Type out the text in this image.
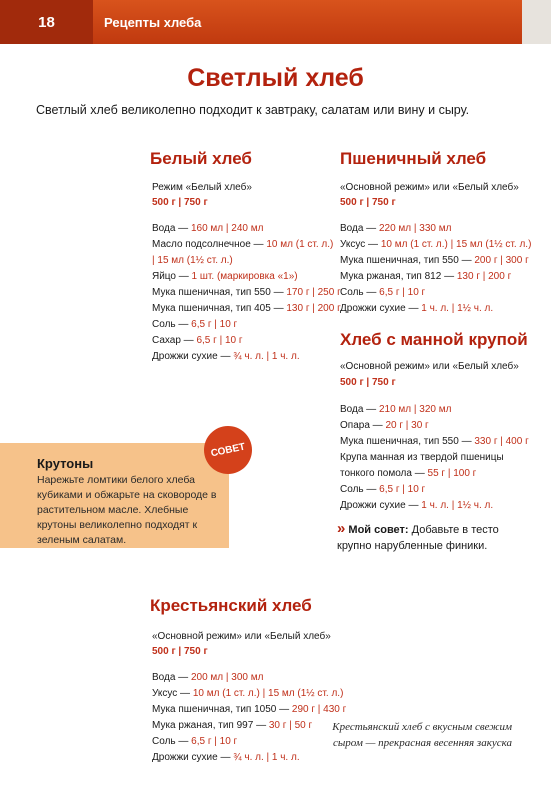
18	Рецепты хлеба
Светлый хлеб
Светлый хлеб великолепно подходит к завтраку, салатам или вину и сыру.
Белый хлеб
Режим «Белый хлеб»
500 г | 750 г
Вода — 160 мл | 240 мл
Масло подсолнечное — 10 мл (1 ст. л.)
| 15 мл (1½ ст. л.)
Яйцо — 1 шт. (маркировка «1»)
Мука пшеничная, тип 550 — 170 г | 250 г
Мука пшеничная, тип 405 — 130 г | 200 г
Соль — 6,5 г | 10 г
Сахар — 6,5 г | 10 г
Дрожжи сухие — ¾ ч. л. | 1 ч. л.
Пшеничный хлеб
«Основной режим» или «Белый хлеб»
500 г | 750 г
Вода — 220 мл | 330 мл
Уксус — 10 мл (1 ст. л.) | 15 мл (1½ ст. л.)
Мука пшеничная, тип 550 — 200 г | 300 г
Мука ржаная, тип 812 — 130 г | 200 г
Соль — 6,5 г | 10 г
Дрожжи сухие — 1 ч. л. | 1½ ч. л.
Хлеб с манной крупой
«Основной режим» или «Белый хлеб»
500 г | 750 г
Вода — 210 мл | 320 мл
Опара — 20 г | 30 г
Мука пшеничная, тип 550 — 330 г | 400 г
Крупа манная из твердой пшеницы
тонкого помола — 55 г | 100 г
Соль — 6,5 г | 10 г
Дрожжи сухие — 1 ч. л. | 1½ ч. л.
СОВЕТ
Крутоны
Нарежьте ломтики белого хлеба кубиками и обжарьте на сковороде в растительном масле. Хлебные крутоны великолепно подходят к зеленым салатам.
» Мой совет: Добавьте в тесто
крупно нарубленные финики.
Крестьянский хлеб
«Основной режим» или «Белый хлеб»
500 г | 750 г
Вода — 200 мл | 300 мл
Уксус — 10 мл (1 ст. л.) | 15 мл (1½ ст. л.)
Мука пшеничная, тип 1050 — 290 г | 430 г
Мука ржаная, тип 997 — 30 г | 50 г
Соль — 6,5 г | 10 г
Дрожжи сухие — ¾ ч. л. | 1 ч. л.
Крестьянский хлеб с вкусным свежим сыром — прекрасная весенняя закуска
